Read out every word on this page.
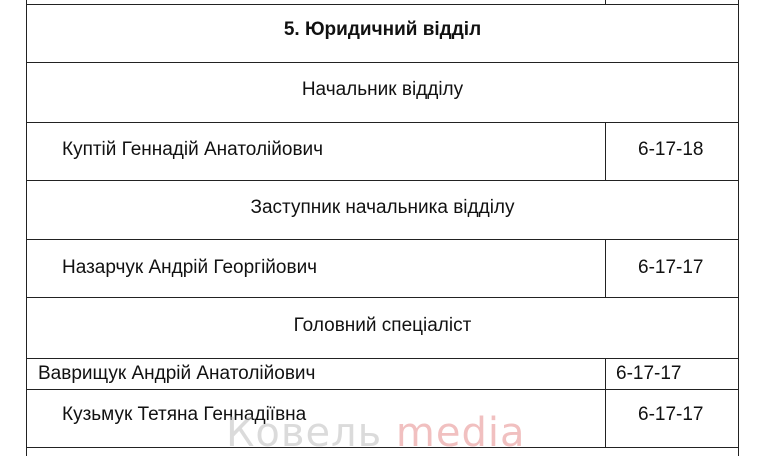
5. Юридичний відділ
Начальник відділу
Куптій Геннадій Анатолійович	6-17-18
Заступник начальника відділу
Назарчук Андрій Георгійович	6-17-17
Головний спеціаліст
Ваврищук Андрій Анатолійович	6-17-17
Кузьмук Тетяна Геннадіївна	6-17-17
Ковель media
